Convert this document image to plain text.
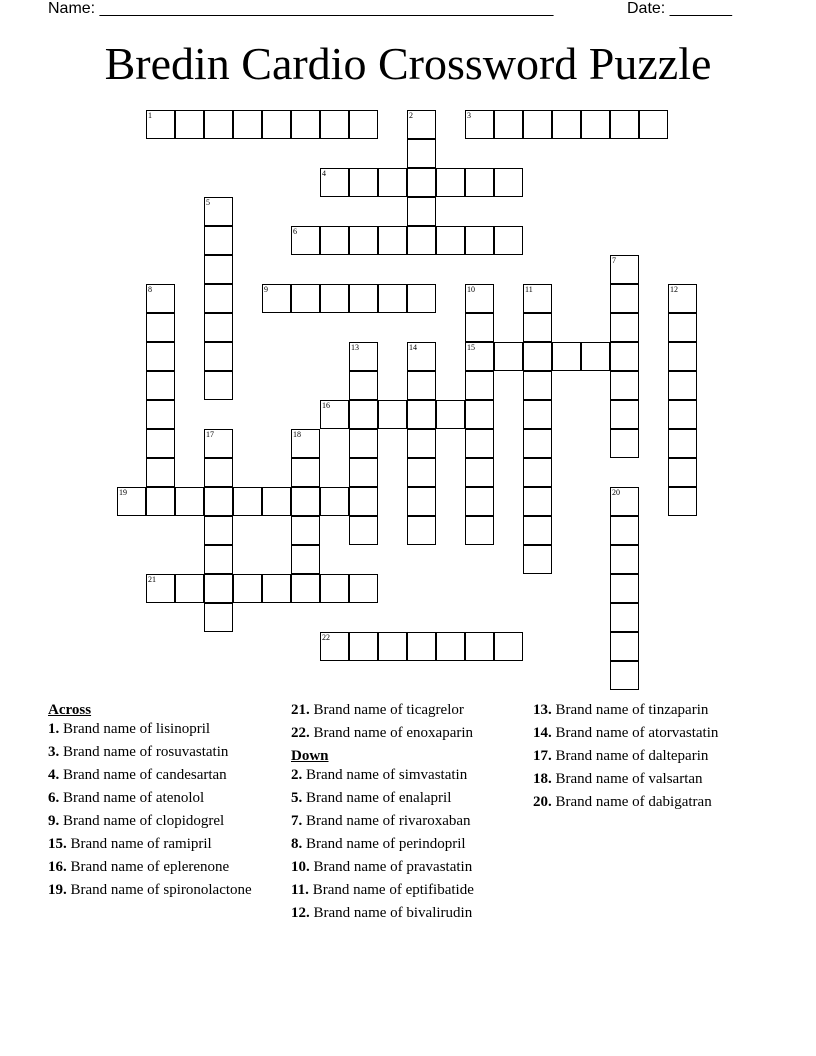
Name: ___________________________________________________

	Date: _______

Bredin Cardio Crossword Puzzle
1	2	3
4
5
6
7
8	9	10	11	12
13	14	15
16
17	18
19	20
21
22
Across
1. Brand name of lisinopril
3. Brand name of rosuvastatin
4. Brand name of candesartan
6. Brand name of atenolol
9. Brand name of clopidogrel
15. Brand name of ramipril
16. Brand name of eplerenone
19. Brand name of spironolactone
21. Brand name of ticagrelor
22. Brand name of enoxaparin
Down
2. Brand name of simvastatin
5. Brand name of enalapril
7. Brand name of rivaroxaban
8. Brand name of perindopril
10. Brand name of pravastatin
11. Brand name of eptifibatide
12. Brand name of bivalirudin
13. Brand name of tinzaparin
14. Brand name of atorvastatin
17. Brand name of dalteparin
18. Brand name of valsartan
20. Brand name of dabigatran
